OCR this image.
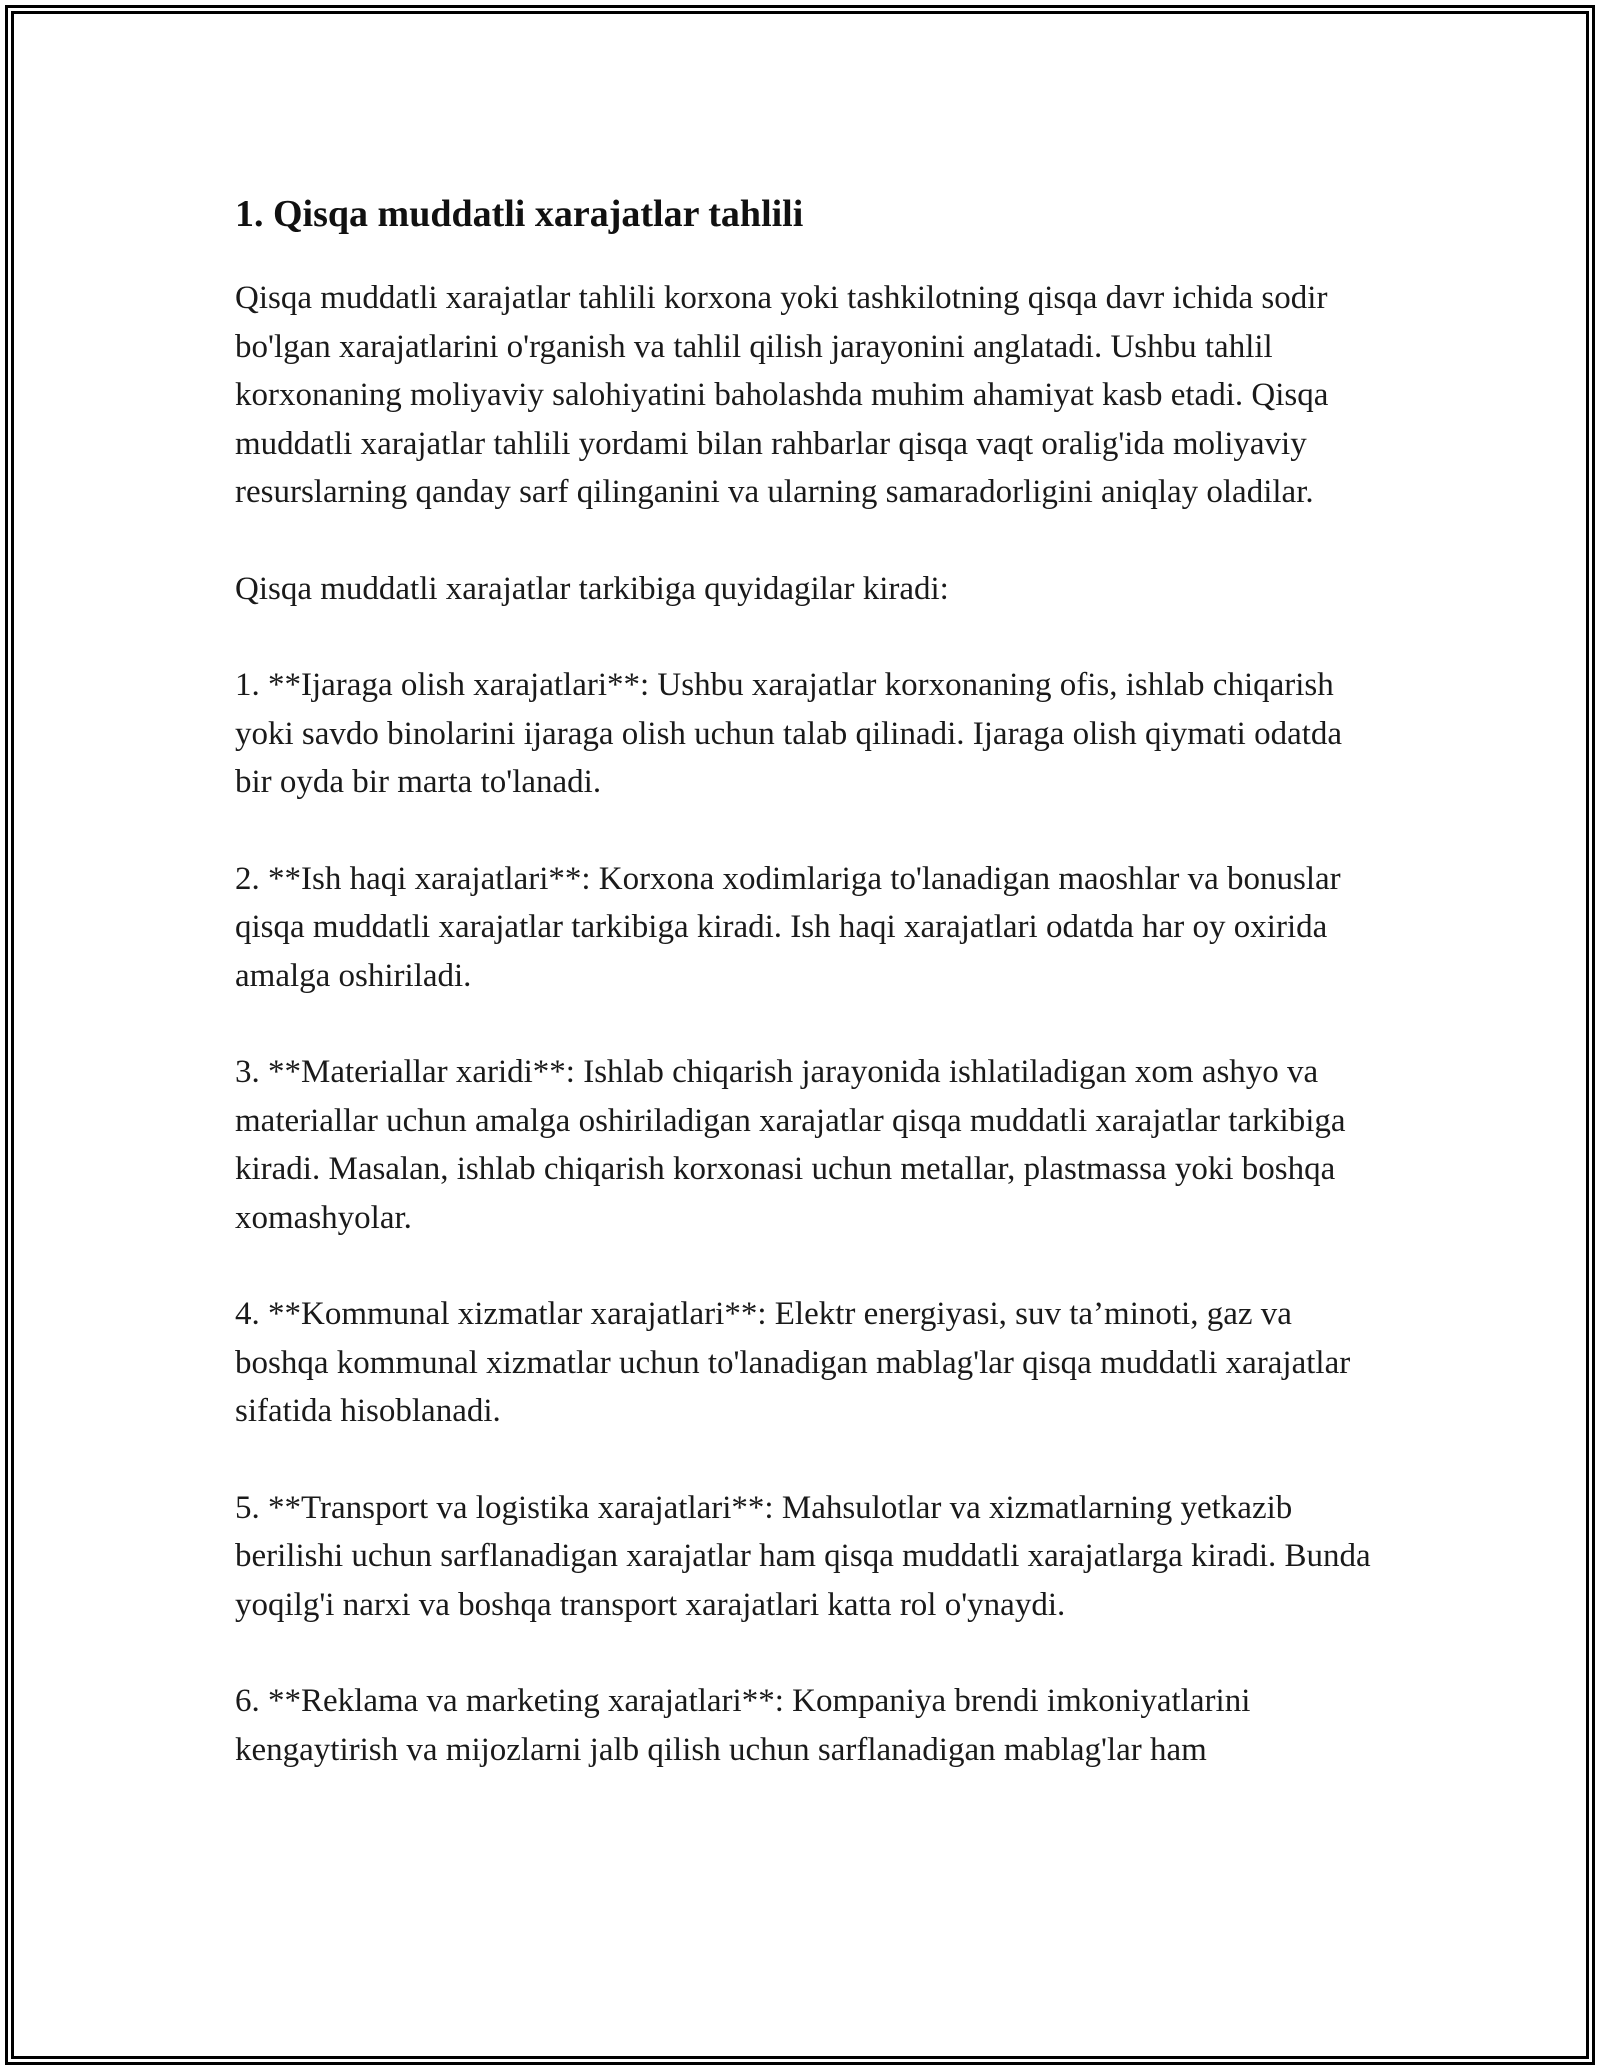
1. Qisqa muddatli xarajatlar tahlili

Qisqa muddatli xarajatlar tahlili korxona yoki tashkilotning qisqa davr ichida sodir bo'lgan xarajatlarini o'rganish va tahlil qilish jarayonini anglatadi. Ushbu tahlil korxonaning moliyaviy salohiyatini baholashda muhim ahamiyat kasb etadi. Qisqa muddatli xarajatlar tahlili yordami bilan rahbarlar qisqa vaqt oralig'ida moliyaviy resurslarning qanday sarf qilinganini va ularning samaradorligini aniqlay oladilar.

Qisqa muddatli xarajatlar tarkibiga quyidagilar kiradi:

1. **Ijaraga olish xarajatlari**: Ushbu xarajatlar korxonaning ofis, ishlab chiqarish yoki savdo binolarini ijaraga olish uchun talab qilinadi. Ijaraga olish qiymati odatda bir oyda bir marta to'lanadi.

2. **Ish haqi xarajatlari**: Korxona xodimlariga to'lanadigan maoshlar va bonuslar qisqa muddatli xarajatlar tarkibiga kiradi. Ish haqi xarajatlari odatda har oy oxirida amalga oshiriladi.

3. **Materiallar xaridi**: Ishlab chiqarish jarayonida ishlatiladigan xom ashyo va materiallar uchun amalga oshiriladigan xarajatlar qisqa muddatli xarajatlar tarkibiga kiradi. Masalan, ishlab chiqarish korxonasi uchun metallar, plastmassa yoki boshqa xomashyolar.

4. **Kommunal xizmatlar xarajatlari**: Elektr energiyasi, suv ta’minoti, gaz va boshqa kommunal xizmatlar uchun to'lanadigan mablag'lar qisqa muddatli xarajatlar sifatida hisoblanadi.

5. **Transport va logistika xarajatlari**: Mahsulotlar va xizmatlarning yetkazib berilishi uchun sarflanadigan xarajatlar ham qisqa muddatli xarajatlarga kiradi. Bunda yoqilg'i narxi va boshqa transport xarajatlari katta rol o'ynaydi.

6. **Reklama va marketing xarajatlari**: Kompaniya brendi imkoniyatlarini kengaytirish va mijozlarni jalb qilish uchun sarflanadigan mablag'lar ham
